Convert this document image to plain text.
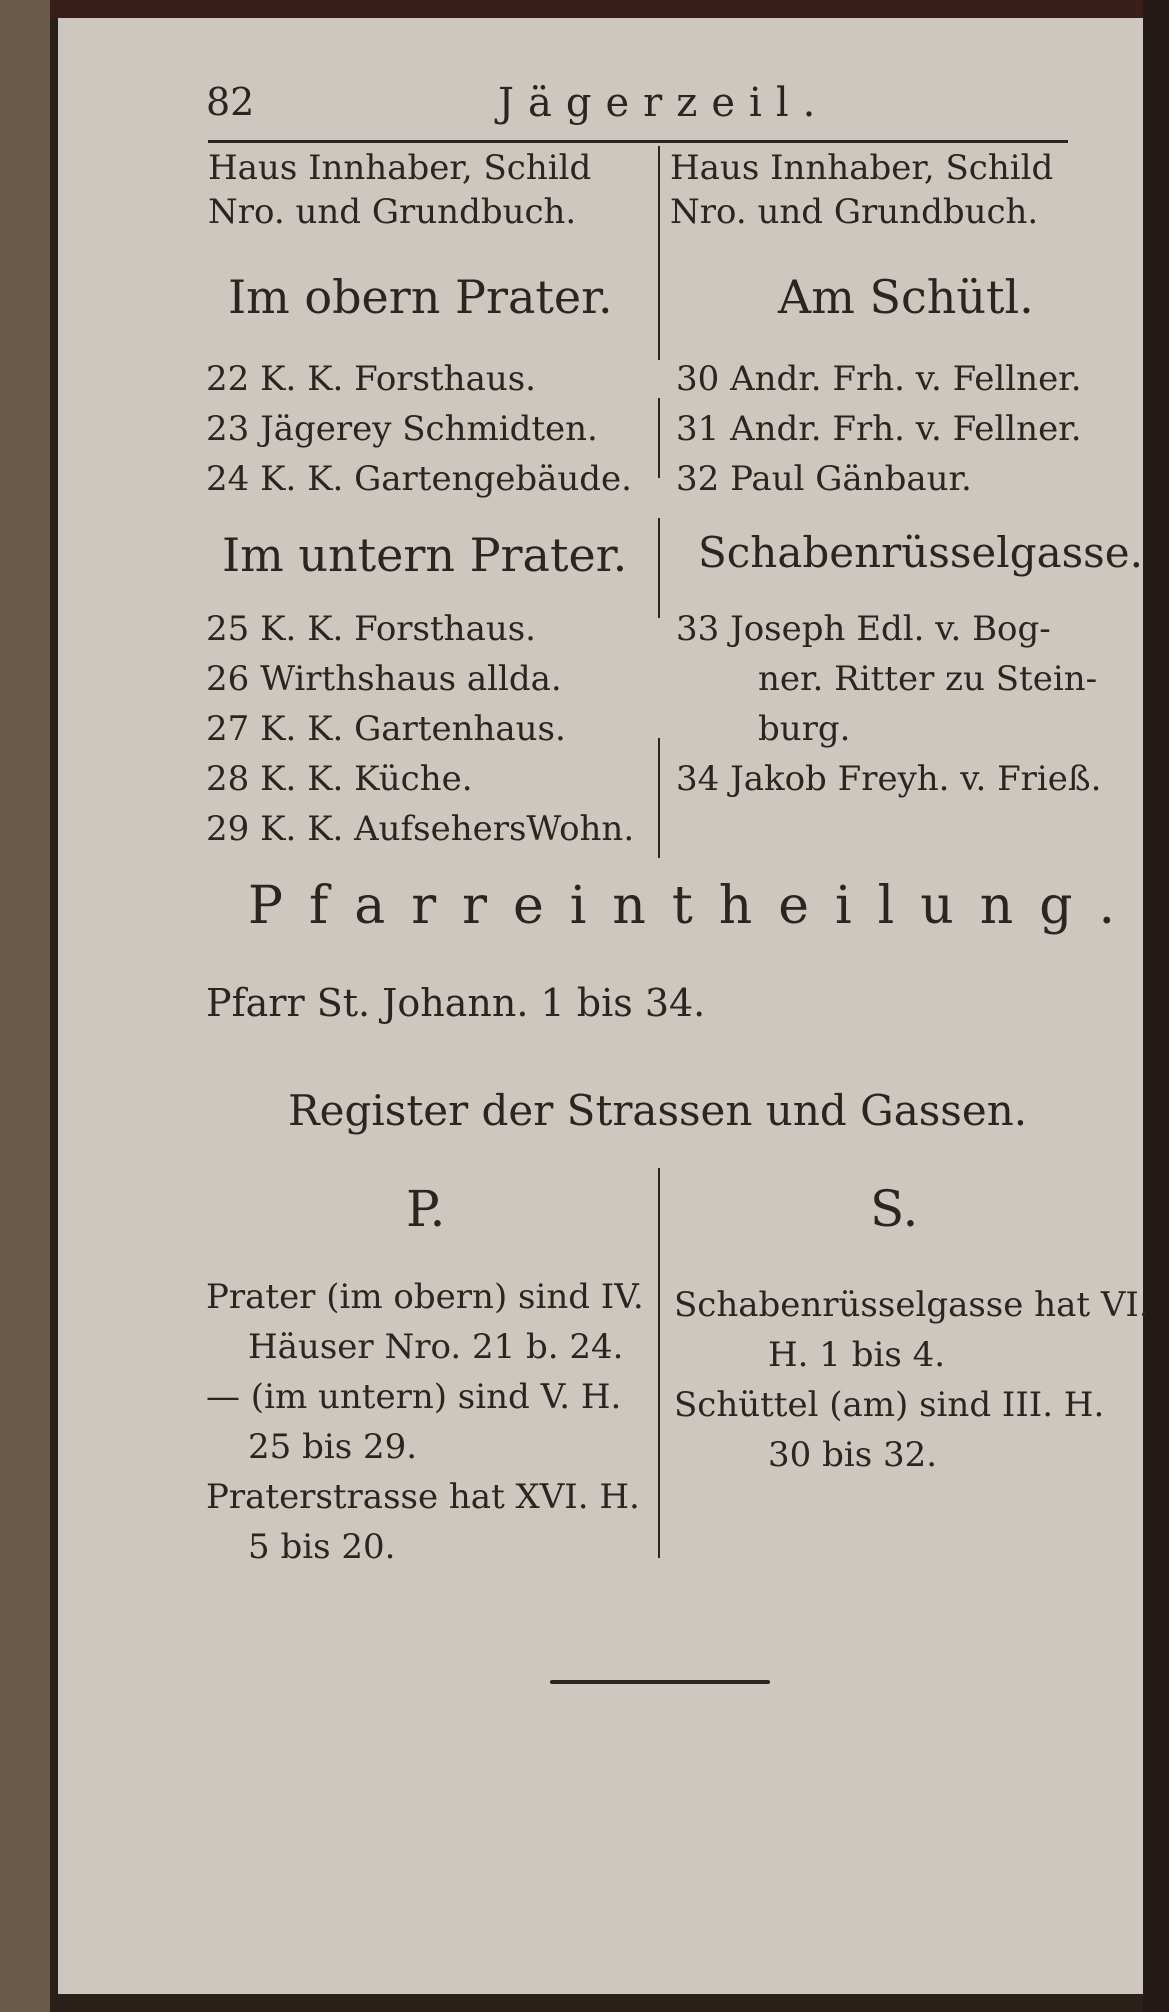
82	Jägerzeil.
Haus Innhaber, Schild
Nro. und Grundbuch.
Haus Innhaber, Schild
Nro. und Grundbuch.
Im obern Prater.
22 K. K. Forsthaus.
23 Jägerey Schmidten.
24 K. K. Gartengebäude.
Im untern Prater.
25 K. K. Forsthaus.
26 Wirthshaus allda.
27 K. K. Gartenhaus.
28 K. K. Küche.
29 K. K. AufsehersWohn.
Am Schütl.
30 Andr. Frh. v. Fellner.
31 Andr. Frh. v. Fellner.
32 Paul Gänbaur.
Schabenrüsselgasse.
33 Joseph Edl. v. Bog-
ner. Ritter zu Stein-
burg.
34 Jakob Freyh. v. Frieß.
Pfarreintheilung.
Pfarr St. Johann. 1 bis 34.
Register der Strassen und Gassen.
P.	S.
Prater (im obern) sind IV.
Häuser Nro. 21 b. 24.
— (im untern) sind V. H.
25 bis 29.
Praterstrasse hat XVI. H.
5 bis 20.
Schabenrüsselgasse hat VI.
H. 1 bis 4.
Schüttel (am) sind III. H.
30 bis 32.
